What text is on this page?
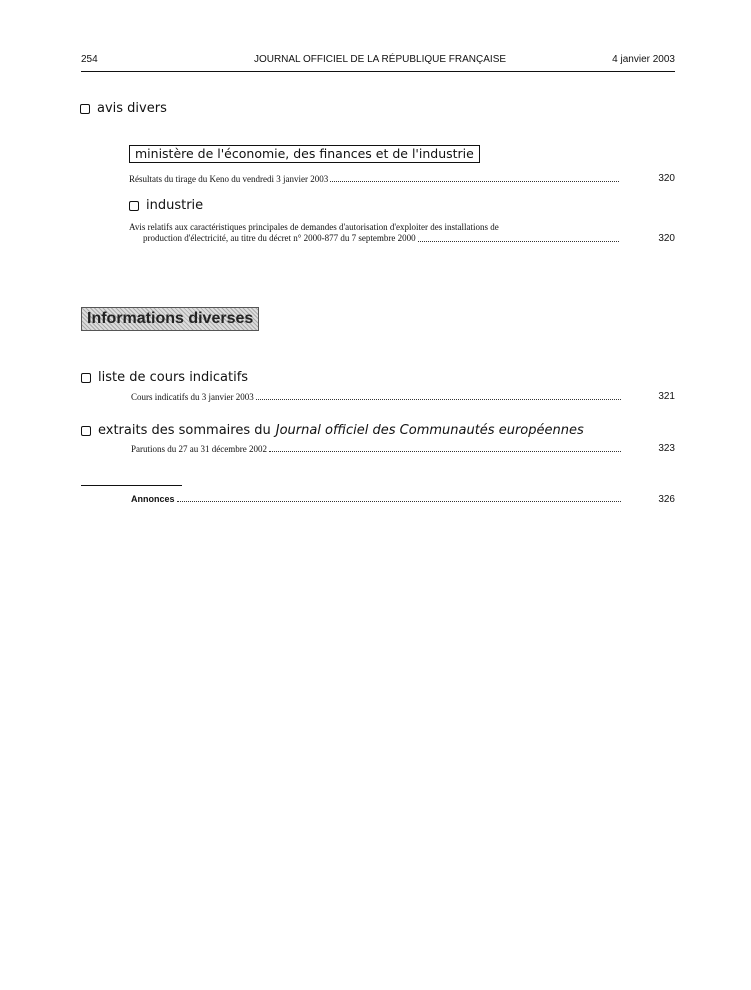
254	JOURNAL OFFICIEL DE LA RÉPUBLIQUE FRANÇAISE	4 janvier 2003
avis divers
ministère de l'économie, des finances et de l'industrie
Résultats du tirage du Keno du vendredi 3 janvier 2003	320
industrie
Avis relatifs aux caractéristiques principales de demandes d'autorisation d'exploiter des installations de
production d'électricité, au titre du décret n° 2000-877 du 7 septembre 2000	320
Informations diverses
liste de cours indicatifs
Cours indicatifs du 3 janvier 2003	321
extraits des sommaires du Journal officiel des Communautés européennes
Parutions du 27 au 31 décembre 2002	323
Annonces	326
